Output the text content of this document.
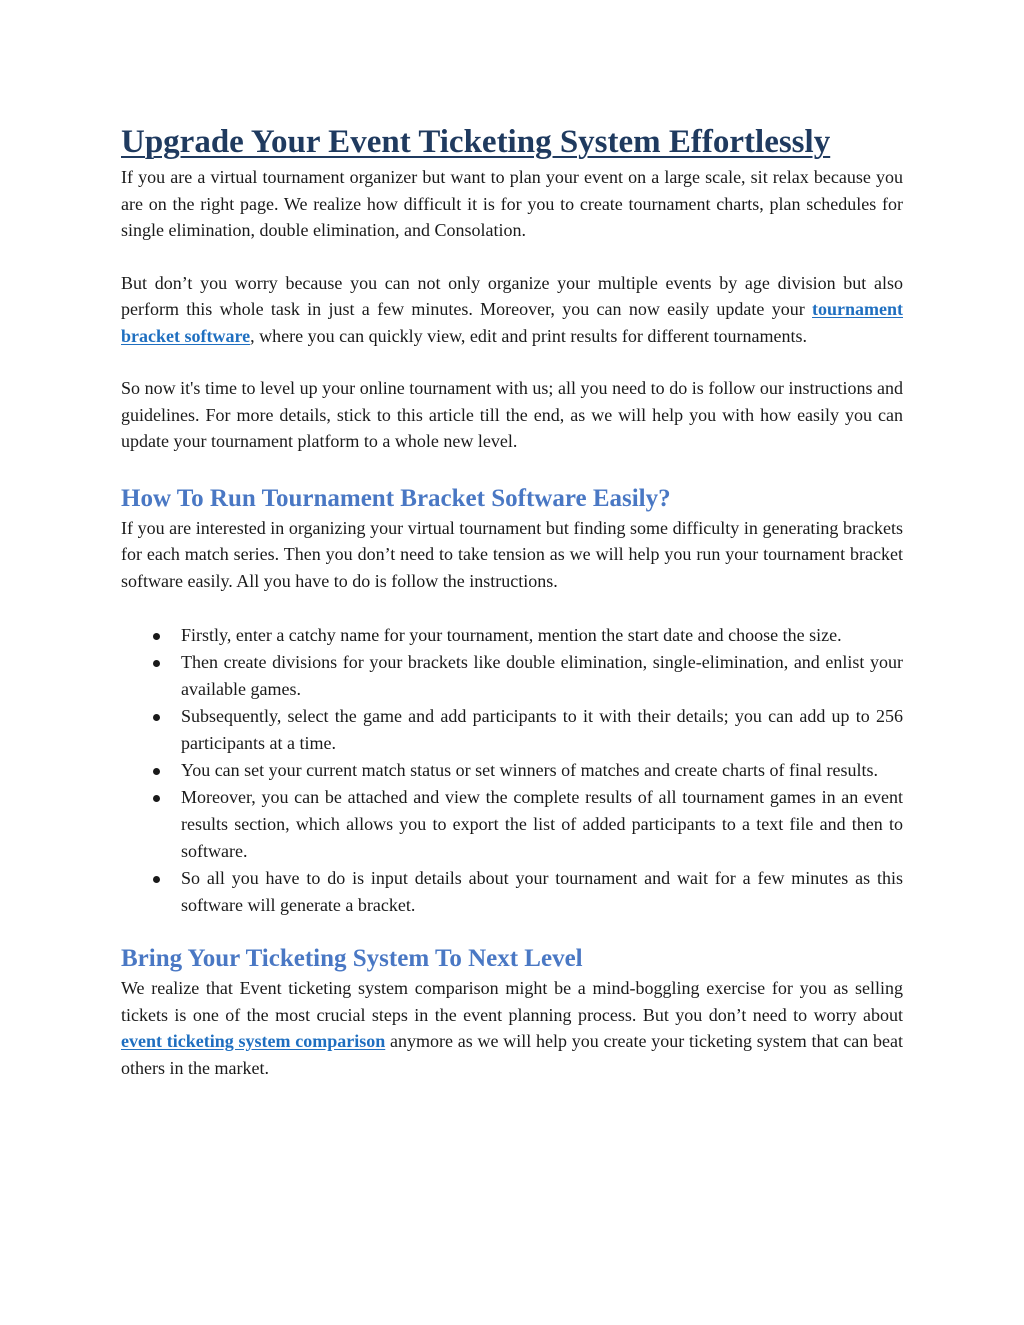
Upgrade Your Event Ticketing System Effortlessly

If you are a virtual tournament organizer but want to plan your event on a large scale, sit relax because you are on the right page. We realize how difficult it is for you to create tournament charts, plan schedules for single elimination, double elimination, and Consolation.

But don’t you worry because you can not only organize your multiple events by age division but also perform this whole task in just a few minutes. Moreover, you can now easily update your tournament bracket software, where you can quickly view, edit and print results for different tournaments.

So now it's time to level up your online tournament with us; all you need to do is follow our instructions and guidelines. For more details, stick to this article till the end, as we will help you with how easily you can update your tournament platform to a whole new level.

How To Run Tournament Bracket Software Easily?

If you are interested in organizing your virtual tournament but finding some difficulty in generating brackets for each match series. Then you don’t need to take tension as we will help you run your tournament bracket software easily. All you have to do is follow the instructions.

Firstly, enter a catchy name for your tournament, mention the start date and choose the size.
Then create divisions for your brackets like double elimination, single-elimination, and enlist your available games.
Subsequently, select the game and add participants to it with their details; you can add up to 256 participants at a time.
You can set your current match status or set winners of matches and create charts of final results.
Moreover, you can be attached and view the complete results of all tournament games in an event results section, which allows you to export the list of added participants to a text file and then to software.
So all you have to do is input details about your tournament and wait for a few minutes as this software will generate a bracket.
Bring Your Ticketing System To Next Level

We realize that Event ticketing system comparison might be a mind-boggling exercise for you as selling tickets is one of the most crucial steps in the event planning process. But you don’t need to worry about event ticketing system comparison anymore as we will help you create your ticketing system that can beat others in the market.
